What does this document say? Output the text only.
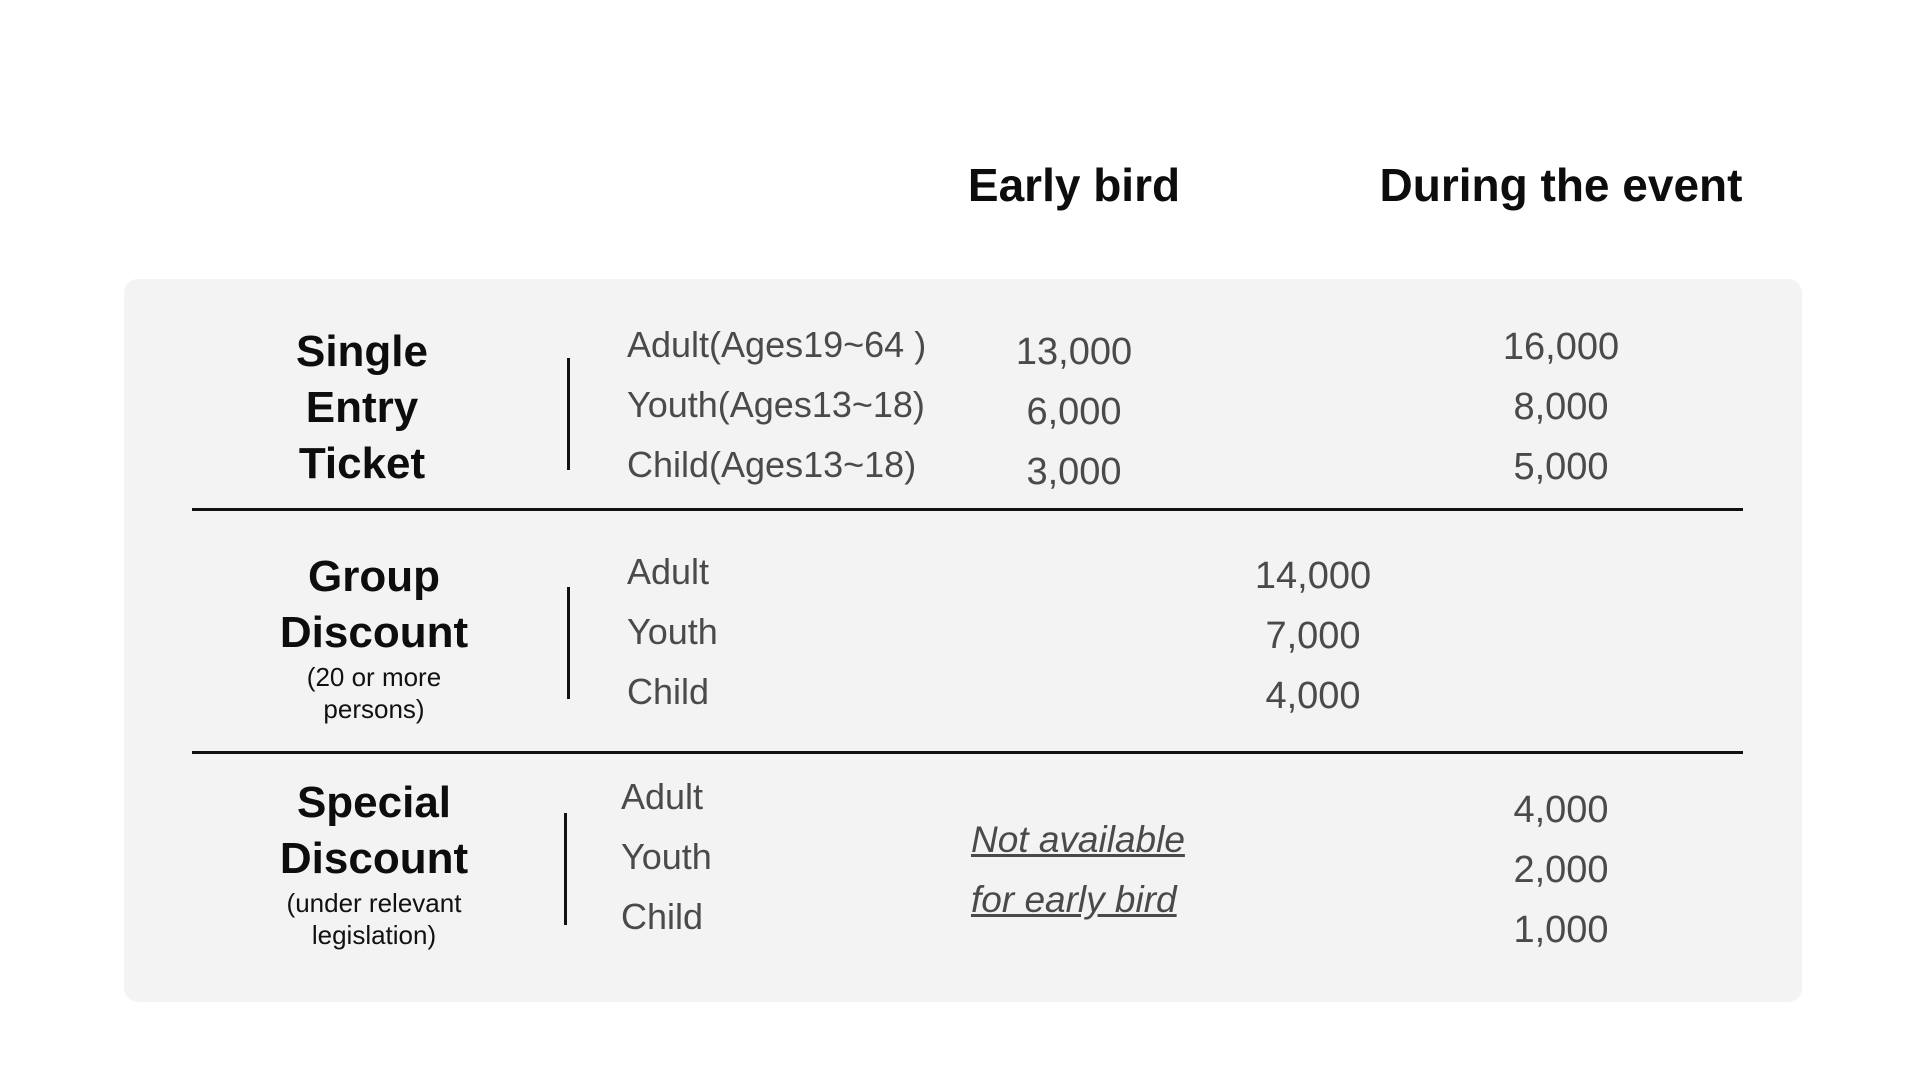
Early bird	During the event
Single
Entry
Ticket
Adult(Ages19~64 )
Youth(Ages13~18)
Child(Ages13~18)
13,000
6,000
3,000
16,000
8,000
5,000
Group
Discount
(20 or more
persons)
Adult
Youth
Child
14,000
7,000
4,000
Special
Discount
(under relevant
legislation)
Adult
Youth
Child
Not available
for early bird
4,000
2,000
1,000
